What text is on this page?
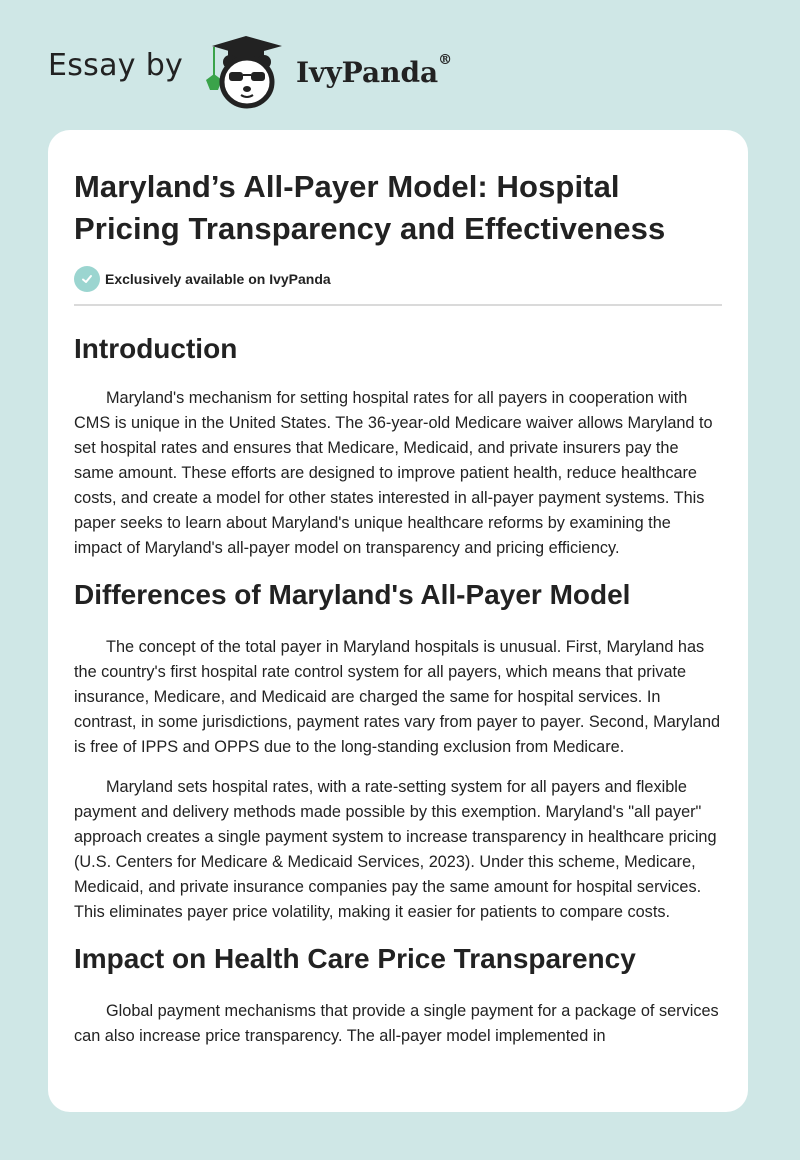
Essay by	IvyPanda®
Maryland’s All-Payer Model: Hospital Pricing Transparency and Effectiveness
Exclusively available on IvyPanda
Introduction

Maryland's mechanism for setting hospital rates for all payers in cooperation with CMS is unique in the United States. The 36-year-old Medicare waiver allows Maryland to set hospital rates and ensures that Medicare, Medicaid, and private insurers pay the same amount. These efforts are designed to improve patient health, reduce healthcare costs, and create a model for other states interested in all-payer payment systems. This paper seeks to learn about Maryland's unique healthcare reforms by examining the impact of Maryland's all-payer model on transparency and pricing efficiency.

Differences of Maryland's All-Payer Model

The concept of the total payer in Maryland hospitals is unusual. First, Maryland has the country's first hospital rate control system for all payers, which means that private insurance, Medicare, and Medicaid are charged the same for hospital services. In contrast, in some jurisdictions, payment rates vary from payer to payer. Second, Maryland is free of IPPS and OPPS due to the long-standing exclusion from Medicare.

Maryland sets hospital rates, with a rate-setting system for all payers and flexible payment and delivery methods made possible by this exemption. Maryland's "all payer" approach creates a single payment system to increase transparency in healthcare pricing (U.S. Centers for Medicare & Medicaid Services, 2023). Under this scheme, Medicare, Medicaid, and private insurance companies pay the same amount for hospital services. This eliminates payer price volatility, making it easier for patients to compare costs.

Impact on Health Care Price Transparency

Global payment mechanisms that provide a single payment for a package of services can also increase price transparency. The all-payer model implemented in
